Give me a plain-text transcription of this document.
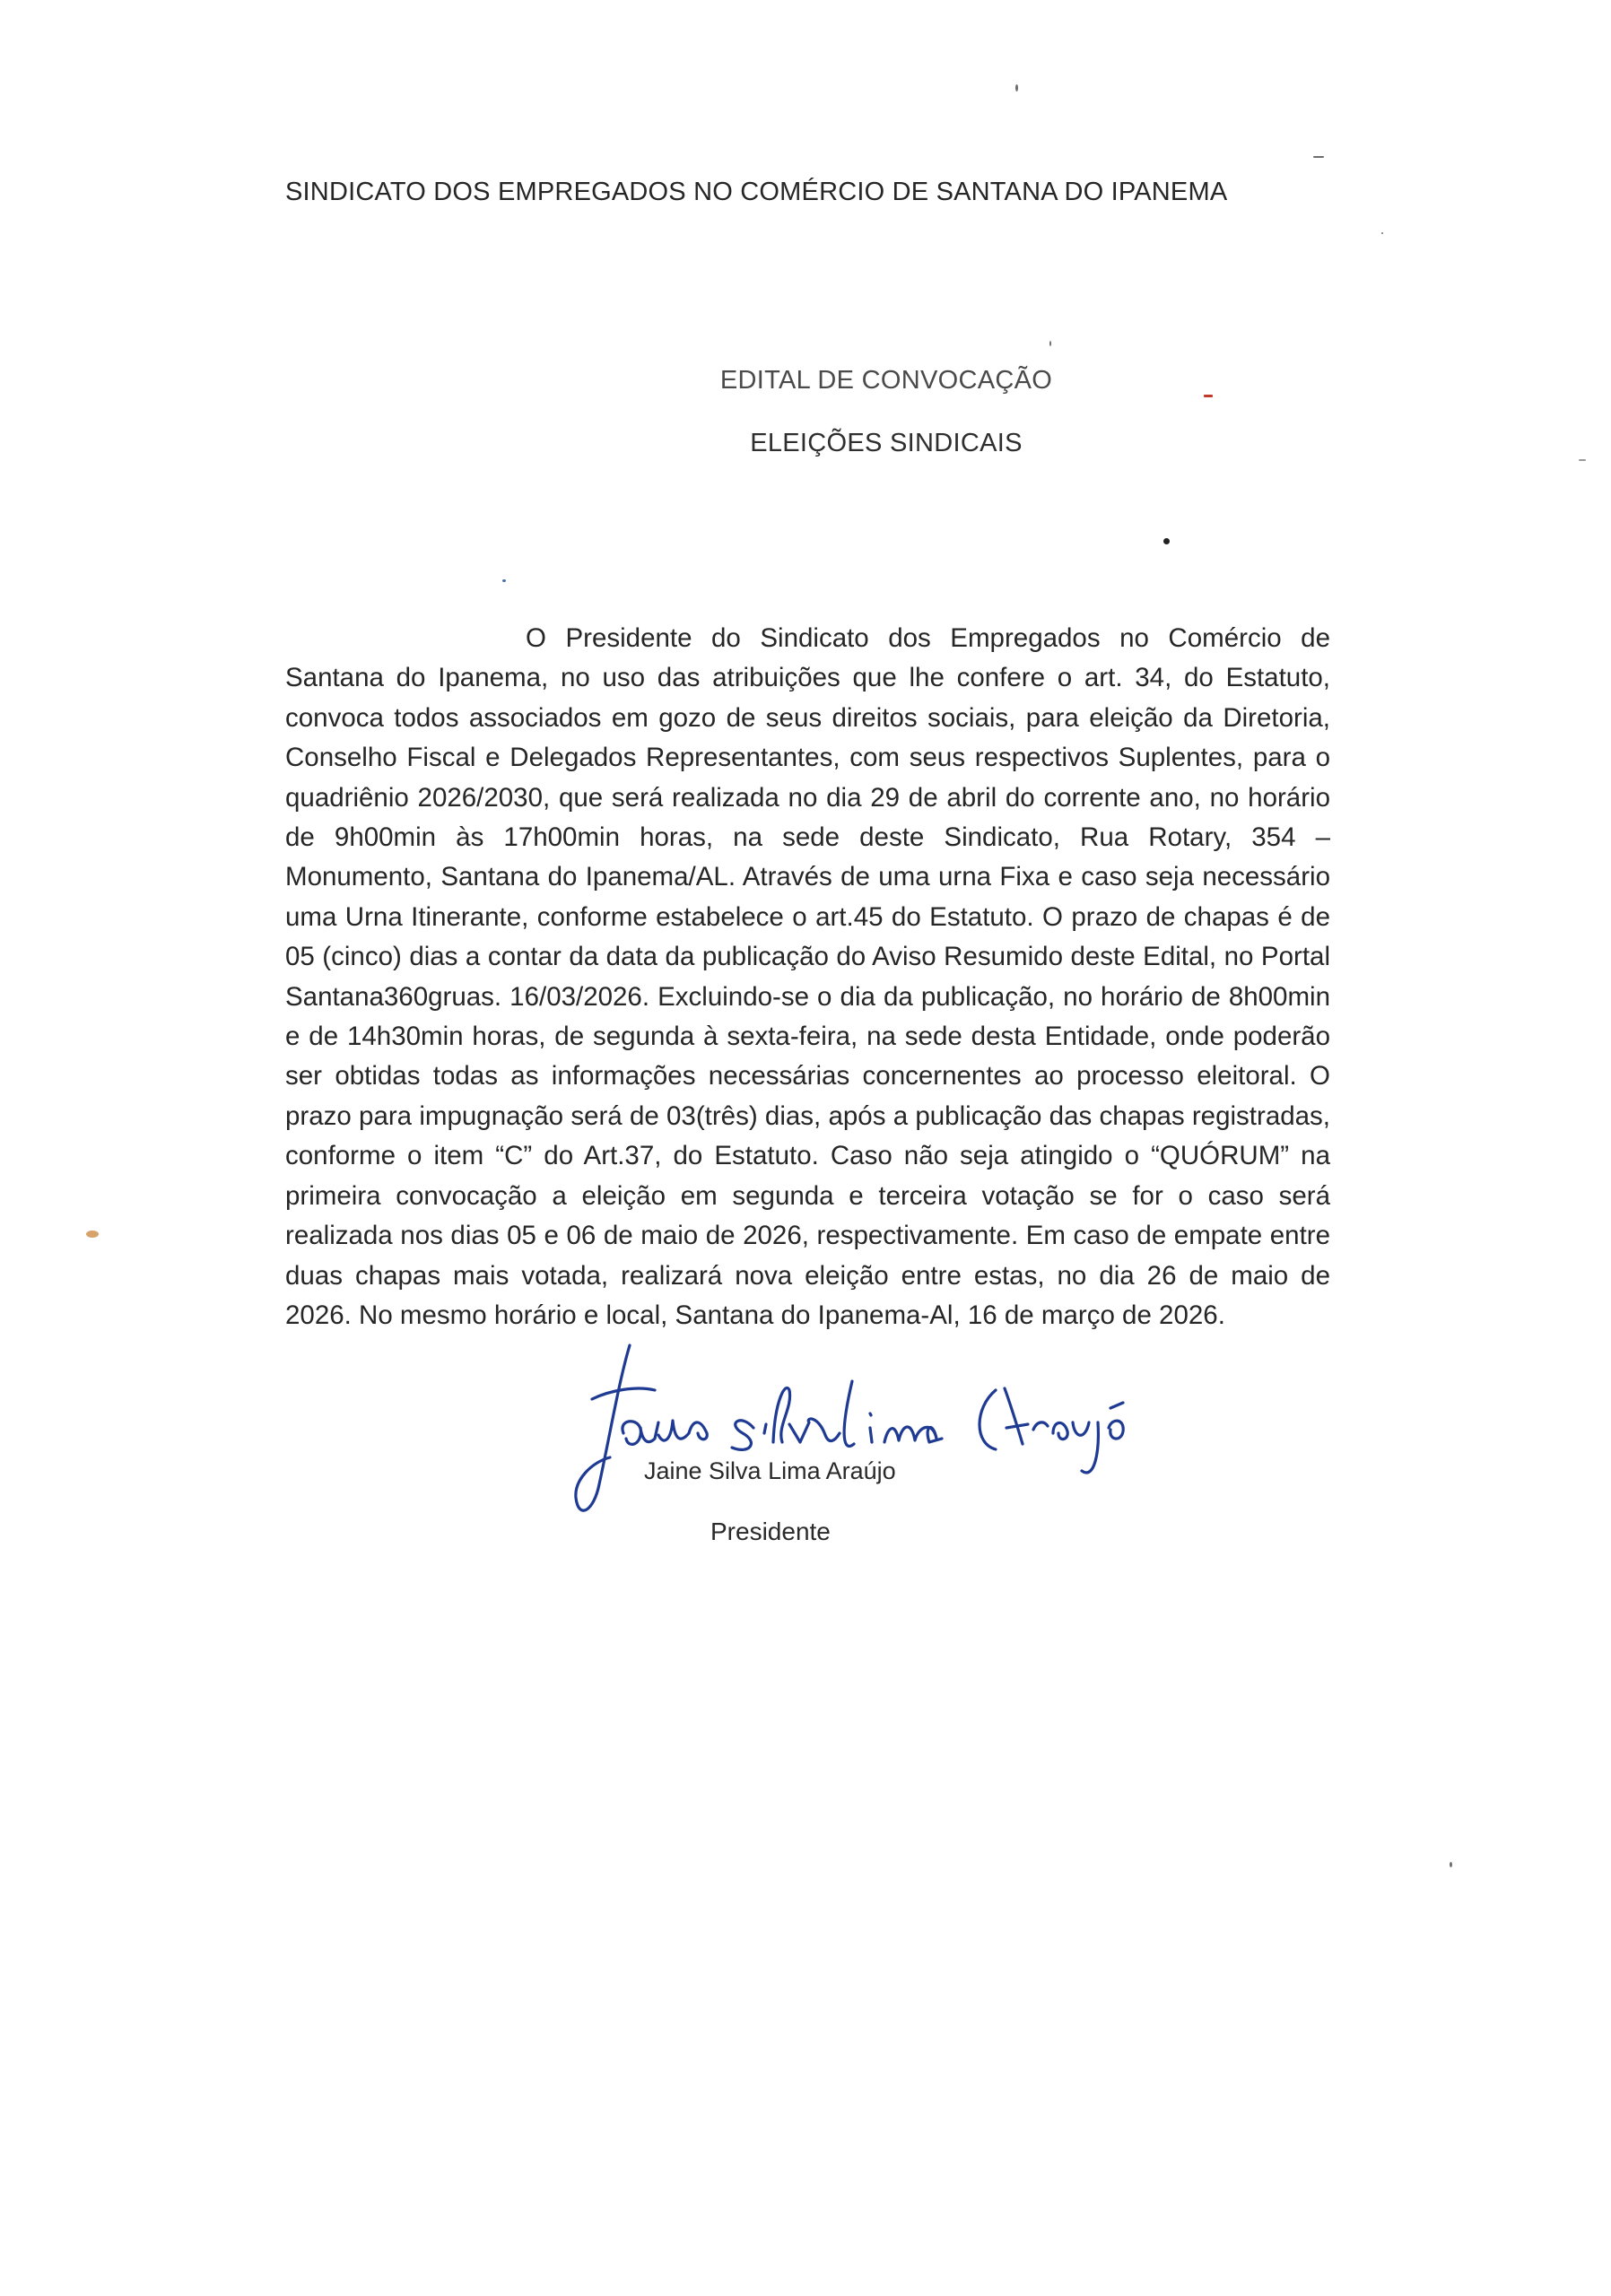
SINDICATO DOS EMPREGADOS NO COMÉRCIO DE SANTANA DO IPANEMA
EDITAL DE CONVOCAÇÃO
ELEIÇÕES SINDICAIS

O Presidente do Sindicato dos Empregados no Comércio de Santana do Ipanema, no uso das atribuições que lhe confere o art. 34, do Estatuto, convoca todos associados em gozo de seus direitos sociais, para eleição da Diretoria, Conselho Fiscal e Delegados Representantes, com seus respectivos Suplentes, para o quadriênio 2026/2030, que será realizada no dia 29 de abril do corrente ano, no horário de 9h00min às 17h00min horas, na sede deste Sindicato, Rua Rotary, 354 – Monumento, Santana do Ipanema/AL. Através de uma urna Fixa e caso seja necessário uma Urna Itinerante, conforme estabelece o art.45 do Estatuto. O prazo de chapas é de 05 (cinco) dias a contar da data da publicação do Aviso Resumido deste Edital, no Portal Santana360gruas. 16/03/2026. Excluindo-se o dia da publicação, no horário de 8h00min e de 14h30min horas, de segunda à sexta-feira, na sede desta Entidade, onde poderão ser obtidas todas as informações necessárias concernentes ao processo eleitoral. O prazo para impugnação será de 03(três) dias, após a publicação das chapas registradas, conforme o item “C” do Art.37, do Estatuto. Caso não seja atingido o “QUÓRUM” na primeira convocação a eleição em segunda e terceira votação se for o caso será realizada nos dias 05 e 06 de maio de 2026, respectivamente. Em caso de empate entre duas chapas mais votada, realizará nova eleição entre estas, no dia 26 de maio de 2026. No mesmo horário e local, Santana do Ipanema-Al, 16 de março de 2026.

Jaine Silva Lima Araújo
Presidente
